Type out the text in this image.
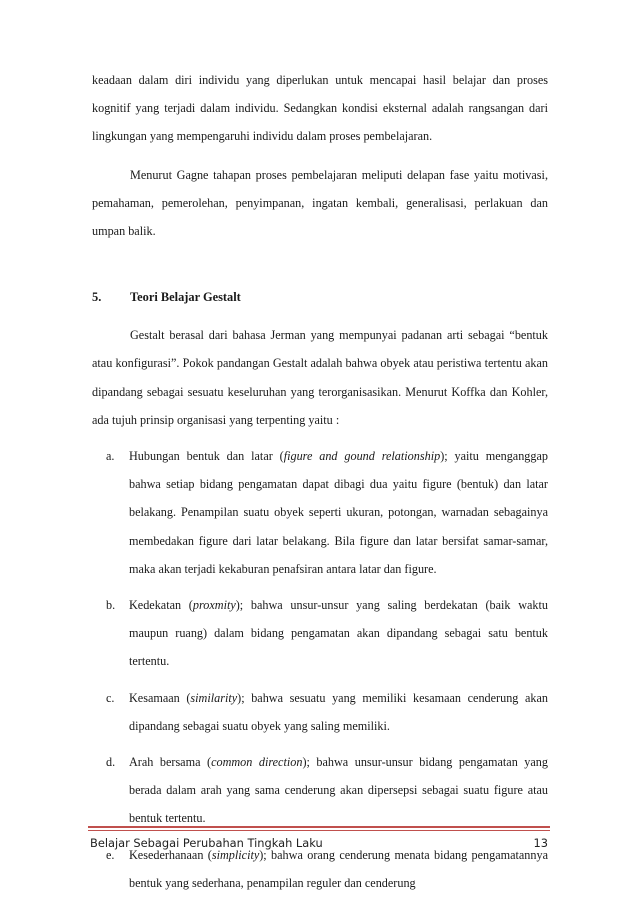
keadaan dalam diri individu yang diperlukan untuk mencapai hasil belajar dan proses kognitif yang terjadi dalam individu. Sedangkan kondisi eksternal adalah rangsangan dari lingkungan yang mempengaruhi individu dalam proses pembelajaran.

Menurut Gagne tahapan proses pembelajaran meliputi delapan fase yaitu motivasi, pemahaman, pemerolehan, penyimpanan, ingatan kembali, generalisasi, perlakuan dan umpan balik.

5.	Teori Belajar Gestalt

Gestalt berasal dari bahasa Jerman yang mempunyai padanan arti sebagai “bentuk atau konfigurasi”. Pokok pandangan Gestalt adalah bahwa obyek atau peristiwa tertentu akan dipandang sebagai sesuatu keseluruhan yang terorganisasikan. Menurut Koffka dan Kohler, ada tujuh prinsip organisasi yang terpenting yaitu :

a. Hubungan bentuk dan latar (figure and gound relationship); yaitu menganggap bahwa setiap bidang pengamatan dapat dibagi dua yaitu figure (bentuk) dan latar belakang. Penampilan suatu obyek seperti ukuran, potongan, warnadan sebagainya membedakan figure dari latar belakang. Bila figure dan latar bersifat samar-samar, maka akan terjadi kekaburan penafsiran antara latar dan figure.
b. Kedekatan (proxmity); bahwa unsur-unsur yang saling berdekatan (baik waktu maupun ruang) dalam bidang pengamatan akan dipandang sebagai satu bentuk tertentu.
c. Kesamaan (similarity); bahwa sesuatu yang memiliki kesamaan cenderung akan dipandang sebagai suatu obyek yang saling memiliki.
d. Arah bersama (common direction); bahwa unsur-unsur bidang pengamatan yang berada dalam arah yang sama cenderung akan dipersepsi sebagai suatu figure atau bentuk tertentu.
e. Kesederhanaan (simplicity); bahwa orang cenderung menata bidang pengamatannya bentuk yang sederhana, penampilan reguler dan cenderung
Belajar Sebagai Perubahan Tingkah Laku	13
